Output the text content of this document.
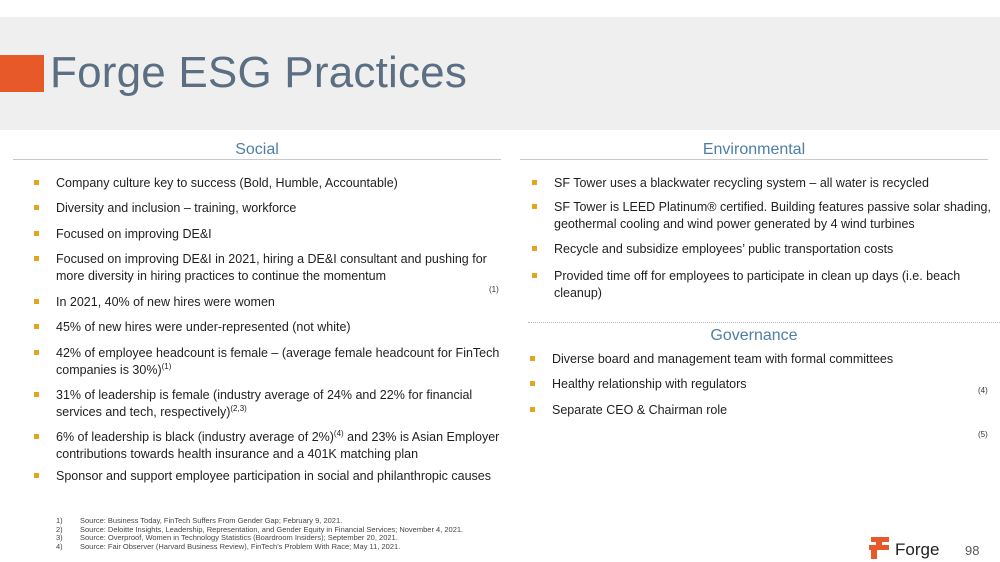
Forge ESG Practices
Social
Company culture key to success (Bold, Humble, Accountable)
Diversity and inclusion – training, workforce
Focused on improving DE&I
Focused on improving DE&I in 2021, hiring a DE&I consultant and pushing for more diversity in hiring practices to continue the momentum
In 2021, 40% of new hires were women
45% of new hires were under-represented (not white)
42% of employee headcount is female – (average female headcount for FinTech companies is 30%)$^{(1)}$
31% of leadership is female (industry average of 24% and 22% for financial services and tech, respectively)$^{(2,3)}$
6% of leadership is black (industry average of 2%)$^{(4)}$ and 23% is Asian Employer contributions towards health insurance and a 401K matching plan
Sponsor and support employee participation in social and philanthropic causes
(1)
Environmental
SF Tower uses a blackwater recycling system – all water is recycled
SF Tower is LEED Platinum® certified. Building features passive solar shading, geothermal cooling and wind power generated by 4 wind turbines
Recycle and subsidize employees’ public transportation costs
Provided time off for employees to participate in clean up days (i.e. beach cleanup)
Governance
Diverse board and management team with formal committees
Healthy relationship with regulators
Separate CEO & Chairman role
(4)
(5)
1) Source: Business Today, FinTech Suffers From Gender Gap; February 9, 2021.
2) Source: Deloitte Insights, Leadership, Representation, and Gender Equity in Financial Services; November 4, 2021.
3) Source: Overproof, Women in Technology Statistics (Boardroom Insiders); September 20, 2021.
4) Source: Fair Observer (Harvard Business Review), FinTech’s Problem With Race; May 11, 2021.	Forge 98
